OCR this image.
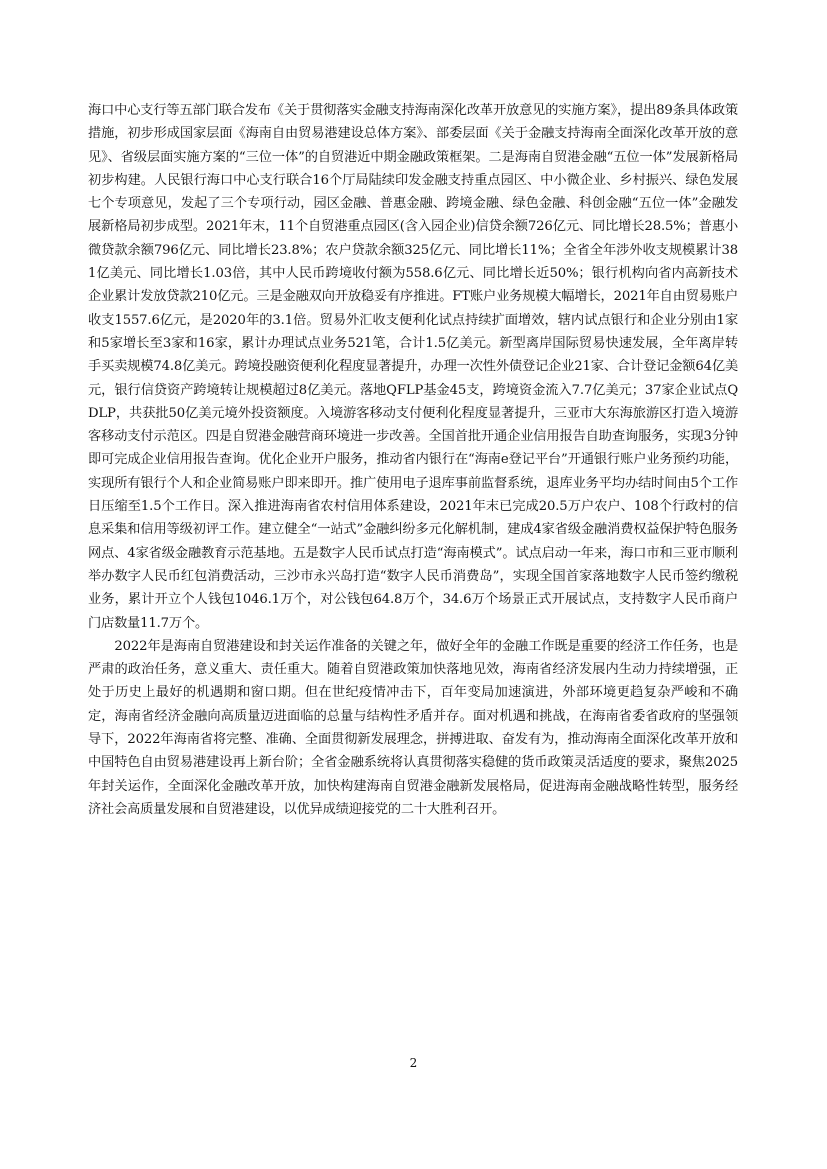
海口中心支行等五部门联合发布《关于贯彻落实金融支持海南深化改革开放意见的实施方案》，提出89条具体政策措施，初步形成国家层面《海南自由贸易港建设总体方案》、部委层面《关于金融支持海南全面深化改革开放的意见》、省级层面实施方案的“三位一体”的自贸港近中期金融政策框架。二是海南自贸港金融“五位一体”发展新格局初步构建。人民银行海口中心支行联合16个厅局陆续印发金融支持重点园区、中小微企业、乡村振兴、绿色发展七个专项意见，发起了三个专项行动，园区金融、普惠金融、跨境金融、绿色金融、科创金融“五位一体”金融发展新格局初步成型。2021年末，11个自贸港重点园区(含入园企业)信贷余额726亿元、同比增长28.5%；普惠小微贷款余额796亿元、同比增长23.8%；农户贷款余额325亿元、同比增长11%；全省全年涉外收支规模累计381亿美元、同比增长1.03倍，其中人民币跨境收付额为558.6亿元、同比增长近50%；银行机构向省内高新技术企业累计发放贷款210亿元。三是金融双向开放稳妥有序推进。FT账户业务规模大幅增长，2021年自由贸易账户收支1557.6亿元，是2020年的3.1倍。贸易外汇收支便利化试点持续扩面增效，辖内试点银行和企业分别由1家和5家增长至3家和16家，累计办理试点业务521笔，合计1.5亿美元。新型离岸国际贸易快速发展，全年离岸转手买卖规模74.8亿美元。跨境投融资便利化程度显著提升，办理一次性外债登记企业21家、合计登记金额64亿美元，银行信贷资产跨境转让规模超过8亿美元。落地QFLP基金45支，跨境资金流入7.7亿美元；37家企业试点QDLP，共获批50亿美元境外投资额度。入境游客移动支付便利化程度显著提升，三亚市大东海旅游区打造入境游客移动支付示范区。四是自贸港金融营商环境进一步改善。全国首批开通企业信用报告自助查询服务，实现3分钟即可完成企业信用报告查询。优化企业开户服务，推动省内银行在“海南e登记平台”开通银行账户业务预约功能，实现所有银行个人和企业简易账户即来即开。推广使用电子退库事前监督系统，退库业务平均办结时间由5个工作日压缩至1.5个工作日。深入推进海南省农村信用体系建设，2021年末已完成20.5万户农户、108个行政村的信息采集和信用等级初评工作。建立健全“一站式”金融纠纷多元化解机制，建成4家省级金融消费权益保护特色服务网点、4家省级金融教育示范基地。五是数字人民币试点打造“海南模式”。试点启动一年来，海口市和三亚市顺利举办数字人民币红包消费活动，三沙市永兴岛打造“数字人民币消费岛”，实现全国首家落地数字人民币签约缴税业务，累计开立个人钱包1046.1万个，对公钱包64.8万个，34.6万个场景正式开展试点，支持数字人民币商户门店数量11.7万个。

2022年是海南自贸港建设和封关运作准备的关键之年，做好全年的金融工作既是重要的经济工作任务，也是严肃的政治任务，意义重大、责任重大。随着自贸港政策加快落地见效，海南省经济发展内生动力持续增强，正处于历史上最好的机遇期和窗口期。但在世纪疫情冲击下，百年变局加速演进，外部环境更趋复杂严峻和不确定，海南省经济金融向高质量迈进面临的总量与结构性矛盾并存。面对机遇和挑战，在海南省委省政府的坚强领导下，2022年海南省将完整、准确、全面贯彻新发展理念，拼搏进取、奋发有为，推动海南全面深化改革开放和中国特色自由贸易港建设再上新台阶；全省金融系统将认真贯彻落实稳健的货币政策灵活适度的要求，聚焦2025年封关运作，全面深化金融改革开放，加快构建海南自贸港金融新发展格局，促进海南金融战略性转型，服务经济社会高质量发展和自贸港建设，以优异成绩迎接党的二十大胜利召开。

2
